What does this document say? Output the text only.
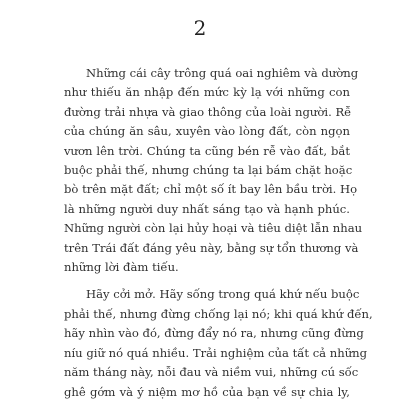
2
Những cái cây trông quá oai nghiêm và dường
như thiếu ăn nhập đến mức kỳ lạ với những con
đường trải nhựa và giao thông của loài người. Rễ
của chúng ăn sâu, xuyên vào lòng đất, còn ngọn
vươn lên trời. Chúng ta cũng bén rễ vào đất, bắt
buộc phải thế, nhưng chúng ta lại bám chặt hoặc
bò trên mặt đất; chỉ một số ít bay lên bầu trời. Họ
là những người duy nhất sáng tạo và hạnh phúc.
Những người còn lại hủy hoại và tiêu diệt lẫn nhau
trên Trái đất đáng yêu này, bằng sự tổn thương và
những lời đàm tiếu.
Hãy cởi mở. Hãy sống trong quá khứ nếu buộc
phải thế, nhưng đừng chống lại nó; khi quá khứ đến,
hãy nhìn vào đó, đừng đẩy nó ra, nhưng cũng đừng
níu giữ nó quá nhiều. Trải nghiệm của tất cả những
năm tháng này, nỗi đau và niềm vui, những cú sốc
ghê gớm và ý niệm mơ hồ của bạn về sự chia ly,
